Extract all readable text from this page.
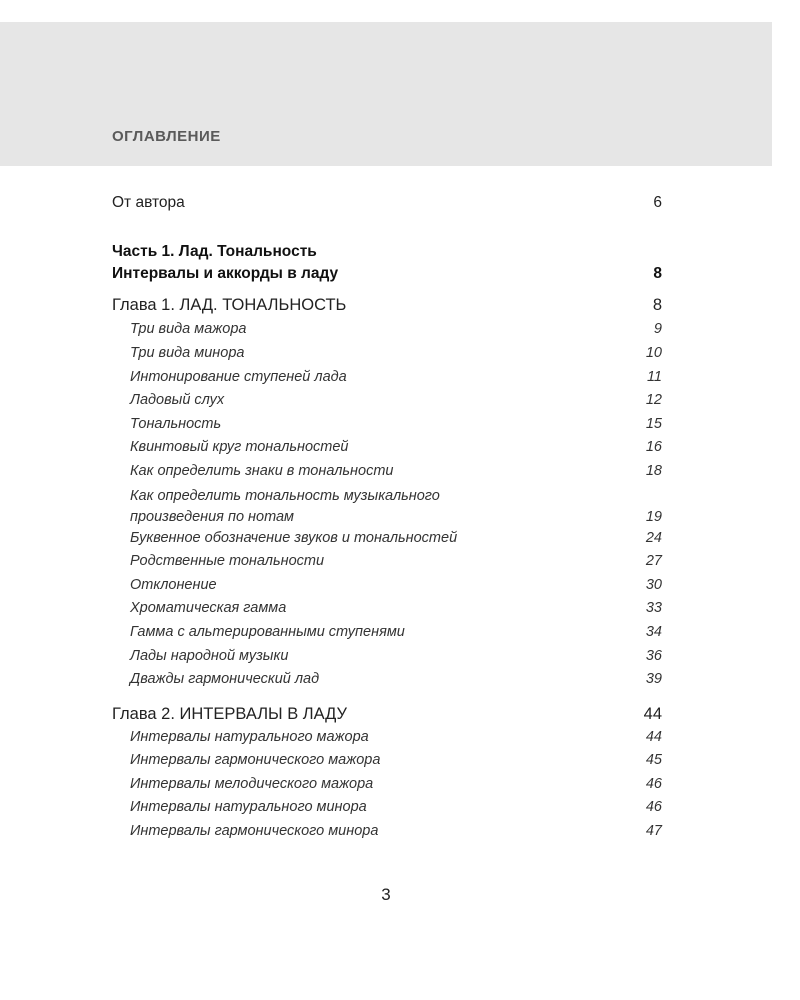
ОГЛАВЛЕНИЕ
От автора	6
Часть 1. Лад. Тональность
Интервалы и аккорды в ладу	8
Глава 1. ЛАД. ТОНАЛЬНОСТЬ	8
Три вида мажора	9
Три вида минора	10
Интонирование ступеней лада	11
Ладовый слух	12
Тональность	15
Квинтовый круг тональностей	16
Как определить знаки в тональности	18
Как определить тональность музыкального
произведения по нотам	19
Буквенное обозначение звуков и тональностей	24
Родственные тональности	27
Отклонение	30
Хроматическая гамма	33
Гамма с альтерированными ступенями	34
Лады народной музыки	36
Дважды гармонический лад	39
Глава 2. ИНТЕРВАЛЫ В ЛАДУ	44
Интервалы натурального мажора	44
Интервалы гармонического мажора	45
Интервалы мелодического мажора	46
Интервалы натурального минора	46
Интервалы гармонического минора	47
3
